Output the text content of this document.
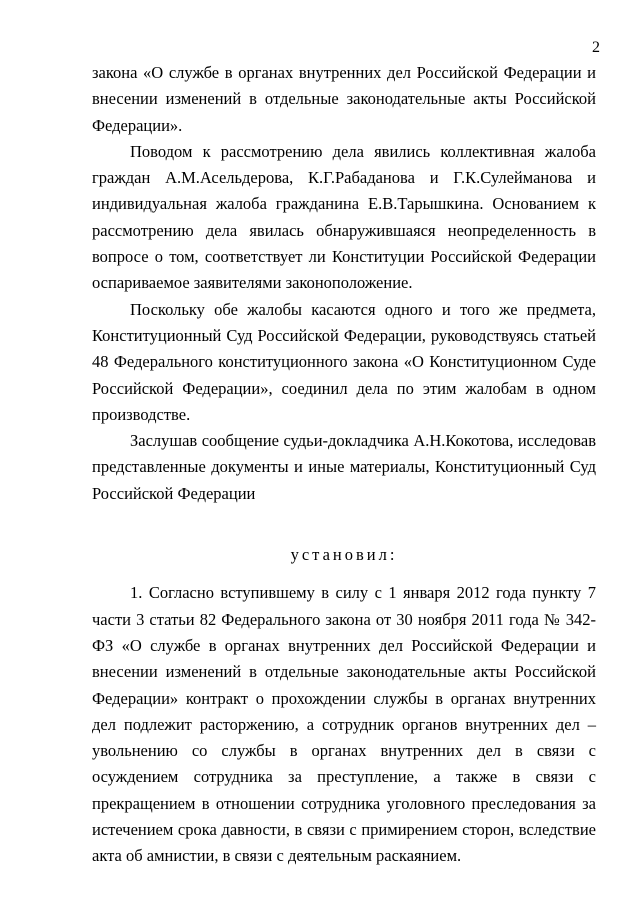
2

закона «О службе в органах внутренних дел Российской Федерации и внесении изменений в отдельные законодательные акты Российской Федерации».

Поводом к рассмотрению дела явились коллективная жалоба граждан А.М.Асельдерова, К.Г.Рабаданова и Г.К.Сулейманова и индивидуальная жалоба гражданина Е.В.Тарышкина. Основанием к рассмотрению дела явилась обнаружившаяся неопределенность в вопросе о том, соответствует ли Конституции Российской Федерации оспариваемое заявителями законоположение.

Поскольку обе жалобы касаются одного и того же предмета, Конституционный Суд Российской Федерации, руководствуясь статьей 48 Федерального конституционного закона «О Конституционном Суде Российской Федерации», соединил дела по этим жалобам в одном производстве.

Заслушав сообщение судьи-докладчика А.Н.Кокотова, исследовав представленные документы и иные материалы, Конституционный Суд Российской Федерации

установил:

1. Согласно вступившему в силу с 1 января 2012 года пункту 7 части 3 статьи 82 Федерального закона от 30 ноября 2011 года № 342-ФЗ «О службе в органах внутренних дел Российской Федерации и внесении изменений в отдельные законодательные акты Российской Федерации» контракт о прохождении службы в органах внутренних дел подлежит расторжению, а сотрудник органов внутренних дел – увольнению со службы в органах внутренних дел в связи с осуждением сотрудника за преступление, а также в связи с прекращением в отношении сотрудника уголовного преследования за истечением срока давности, в связи с примирением сторон, вследствие акта об амнистии, в связи с деятельным раскаянием.
